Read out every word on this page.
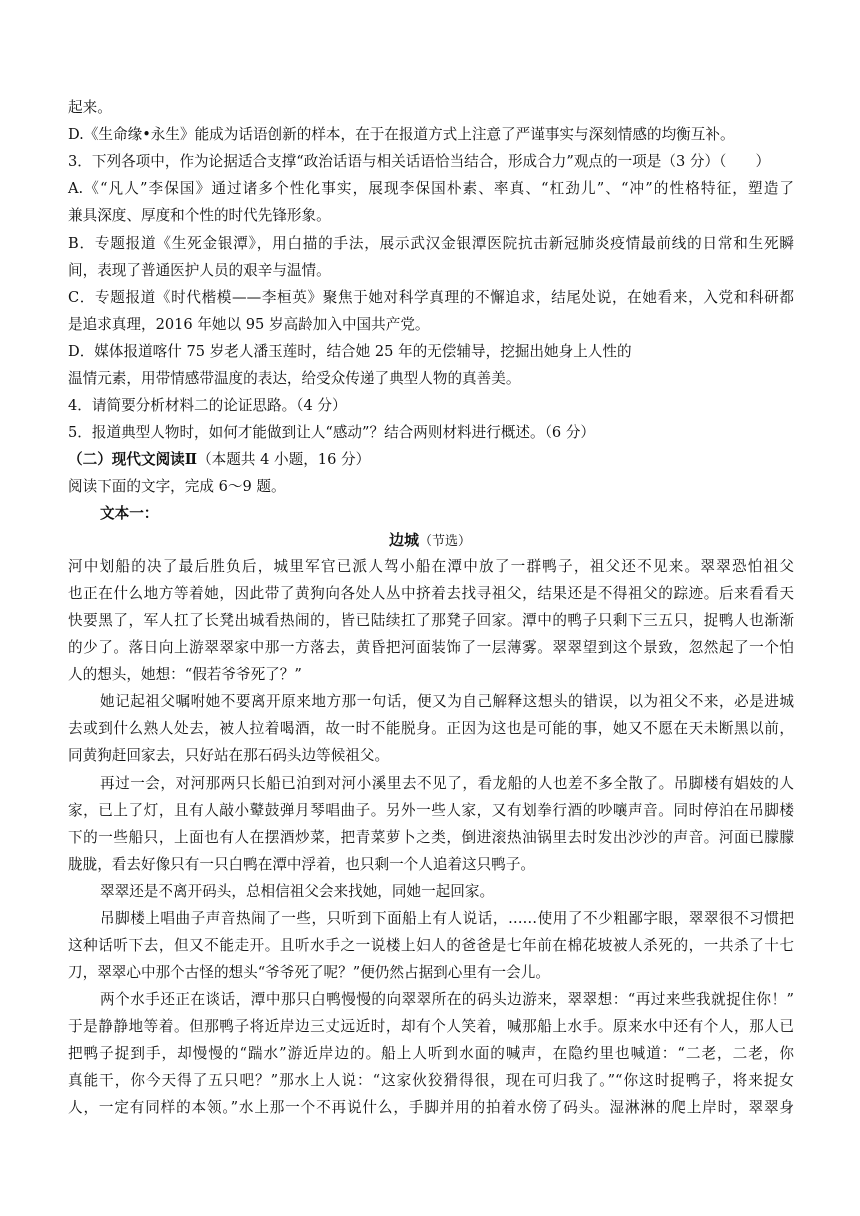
起来。
D.《生命缘•永生》能成为话语创新的样本，在于在报道方式上注意了严谨事实与深刻情感的均衡互补。
3．下列各项中，作为论据适合支撑“政治话语与相关话语恰当结合，形成合力”观点的一项是（3 分）（　　）
A.《“凡人”李保国》通过诸多个性化事实，展现李保国朴素、率真、“杠劲儿”、“冲”的性格特征，塑造了
兼具深度、厚度和个性的时代先锋形象。
B．专题报道《生死金银潭》，用白描的手法，展示武汉金银潭医院抗击新冠肺炎疫情最前线的日常和生死瞬
间，表现了普通医护人员的艰辛与温情。
C．专题报道《时代楷模——李桓英》聚焦于她对科学真理的不懈追求，结尾处说，在她看来，入党和科研都
是追求真理，2016 年她以 95 岁高龄加入中国共产党。
D．媒体报道喀什 75 岁老人潘玉莲时，结合她 25 年的无偿辅导，挖掘出她身上人性的
温情元素，用带情感带温度的表达，给受众传递了典型人物的真善美。
4．请简要分析材料二的论证思路。（4 分）
5．报道典型人物时，如何才能做到让人“感动”？结合两则材料进行概述。（6 分）
（二）现代文阅读Ⅱ（本题共 4 小题，16 分）
阅读下面的文字，完成 6～9 题。
文本一：
边城（节选）
河中划船的决了最后胜负后，城里军官已派人驾小船在潭中放了一群鸭子，祖父还不见来。翠翠恐怕祖父
也正在什么地方等着她，因此带了黄狗向各处人丛中挤着去找寻祖父，结果还是不得祖父的踪迹。后来看看天
快要黑了，军人扛了长凳出城看热闹的，皆已陆续扛了那凳子回家。潭中的鸭子只剩下三五只，捉鸭人也渐渐
的少了。落日向上游翠翠家中那一方落去，黄昏把河面装饰了一层薄雾。翠翠望到这个景致，忽然起了一个怕
人的想头，她想：“假若爷爷死了？”
她记起祖父嘱咐她不要离开原来地方那一句话，便又为自己解释这想头的错误，以为祖父不来，必是进城
去或到什么熟人处去，被人拉着喝酒，故一时不能脱身。正因为这也是可能的事，她又不愿在天未断黑以前，
同黄狗赶回家去，只好站在那石码头边等候祖父。
再过一会，对河那两只长船已泊到对河小溪里去不见了，看龙船的人也差不多全散了。吊脚楼有娼妓的人
家，已上了灯，且有人敲小鼙鼓弹月琴唱曲子。另外一些人家，又有划拳行酒的吵嚷声音。同时停泊在吊脚楼
下的一些船只，上面也有人在摆酒炒菜，把青菜萝卜之类，倒进滚热油锅里去时发出沙沙的声音。河面已朦朦
胧胧，看去好像只有一只白鸭在潭中浮着，也只剩一个人追着这只鸭子。
翠翠还是不离开码头，总相信祖父会来找她，同她一起回家。
吊脚楼上唱曲子声音热闹了一些，只听到下面船上有人说话，……使用了不少粗鄙字眼，翠翠很不习惯把
这种话听下去，但又不能走开。且听水手之一说楼上妇人的爸爸是七年前在棉花坡被人杀死的，一共杀了十七
刀，翠翠心中那个古怪的想头“爷爷死了呢？”便仍然占据到心里有一会儿。
两个水手还正在谈话，潭中那只白鸭慢慢的向翠翠所在的码头边游来，翠翠想：“再过来些我就捉住你！”
于是静静地等着。但那鸭子将近岸边三丈远近时，却有个人笑着，喊那船上水手。原来水中还有个人，那人已
把鸭子捉到手，却慢慢的“踹水”游近岸边的。船上人听到水面的喊声，在隐约里也喊道：“二老，二老，你
真能干，你今天得了五只吧？”那水上人说：“这家伙狡猾得很，现在可归我了。”“你这时捉鸭子，将来捉女
人，一定有同样的本领。”水上那一个不再说什么，手脚并用的拍着水傍了码头。湿淋淋的爬上岸时，翠翠身
